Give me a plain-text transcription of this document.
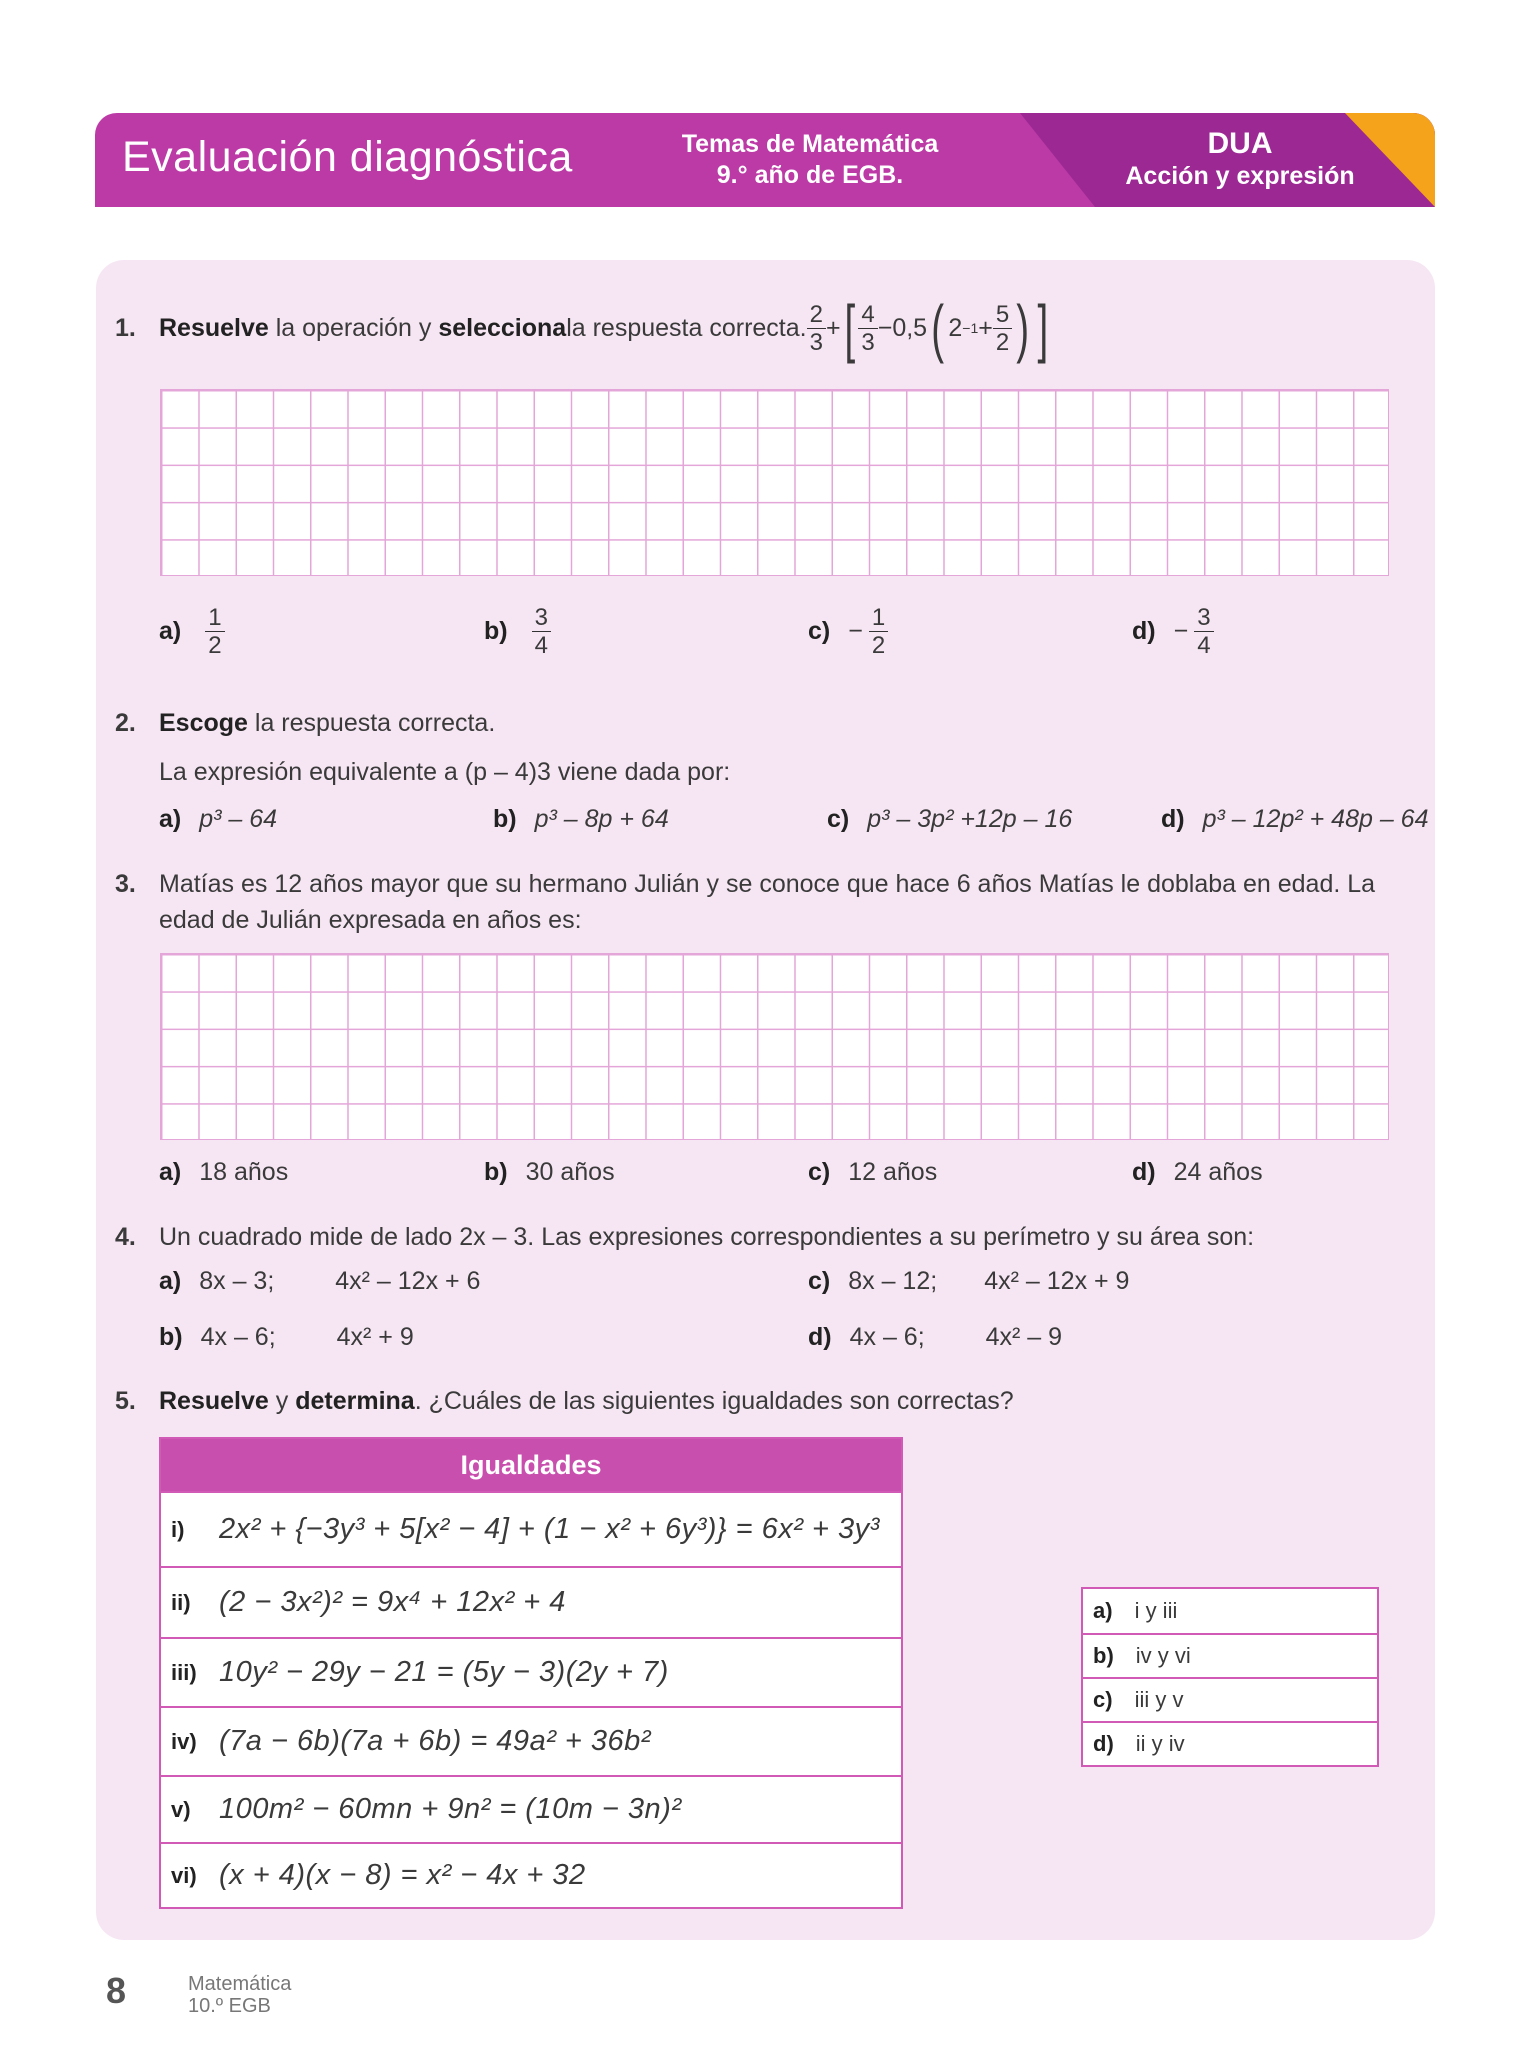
Evaluación diagnóstica	Temas de Matemática
9.° año de EGB.
DUA
Acción y expresión
1. Resuelve la operación y selecciona la respuesta correcta. $\frac{2}{3}$ + [ $\frac{4}{3} -0,5$ ( $2 -1 + \frac{5}{2}$ ) ]
2. Escoge la respuesta correcta.
La expresión equivalente a (p – 4)3 viene dada por:
3. Matías es 12 años mayor que su hermano Julián y se conoce que hace 6 años Matías le doblaba en edad. La
edad de Julián expresada en años es:
4. Un cuadrado mide de lado 2x – 3. Las expresiones correspondientes a su perímetro y su área son:
5. Resuelve y determina. ¿Cuáles de las siguientes igualdades son correctas?
Igualdades
i)	2x² + {−3y³ + 5[x² − 4] + (1 − x² + 6y³)} = 6x² + 3y³
ii) (2 − 3x²)² = 9x⁴ + 12x² + 4
iii) 10y² − 29y − 21 = (5y − 3)(2y + 7)
iv) (7a − 6b)(7a + 6b) = 49a² + 36b²
v) 100m² − 60mn + 9n² = (10m − 3n)²
vi) (x + 4)(x − 8) = x² − 4x + 32
a) i y iii
b) iv y vi
c) iii y v
d) ii y iv
8	Matemática
10.º EGB
$a) \frac{1}{2}$	$b) \frac{3}{4}$	$c) - \frac{1}{2}$	$d) - \frac{3}{4}$
a) p³ – 64	b) p³ – 8p + 64	c) p³ – 3p² +12p – 16	d) p³ – 12p² + 48p – 64
a) 18 años	b) 30 años	c) 12 años	d) 24 años
a) 8x – 3;	4x² – 12x + 6
b) 4x – 6;	4x² + 9
c) 8x – 12;	4x² – 12x + 9
d) 4x – 6;	4x² – 9
